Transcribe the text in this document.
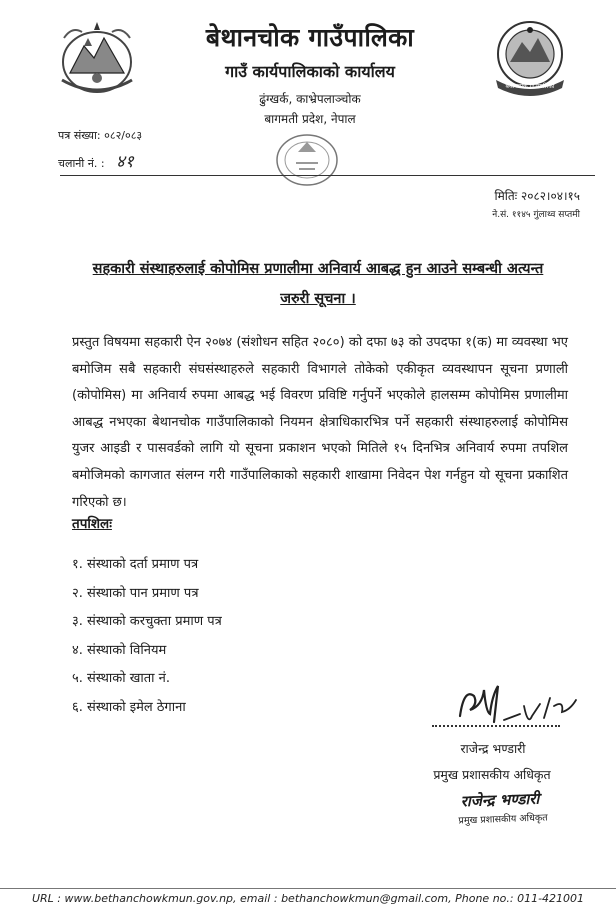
बेथानचोक गाउँपालिका
बेथानचोक गाउँपालिका
गाउँ कार्यपालिकाको कार्यालय
ढुंग्खर्क, काभ्रेपलाञ्चोक
बागमती प्रदेश, नेपाल
पत्र संख्या: ०८२/०८३
चलानी नं. : ४१
मितिः २०८२।०४।१५
ने.सं. ११४५ गुंलाथ्व सप्तमी
सहकारी संस्थाहरुलाई कोपोमिस प्रणालीमा अनिवार्य आबद्ध हुन आउने सम्बन्धी अत्यन्त
जरुरी सूचना ।
प्रस्तुत विषयमा सहकारी ऐन २०७४ (संशोधन सहित २०८०) को दफा ७३ को उपदफा १(क) मा व्यवस्था भए बमोजिम सबै सहकारी संघसंस्थाहरुले सहकारी विभागले तोकेको एकीकृत व्यवस्थापन सूचना प्रणाली (कोपोमिस) मा अनिवार्य रुपमा आबद्ध भई विवरण प्रविष्टि गर्नुपर्ने भएकोले हालसम्म कोपोमिस प्रणालीमा आबद्ध नभएका बेथानचोक गाउँपालिकाको नियमन क्षेत्राधिकारभित्र पर्ने सहकारी संस्थाहरुलाई कोपोमिस युजर आइडी र पासवर्डको लागि यो सूचना प्रकाशन भएको मितिले १५ दिनभित्र अनिवार्य रुपमा तपशिल बमोजिमको कागजात संलग्न गरी गाउँपालिकाको सहकारी शाखामा निवेदन पेश गर्नहुन यो सूचना प्रकाशित गरिएको छ।
तपशिलः
१. संस्थाको दर्ता प्रमाण पत्र
२. संस्थाको पान प्रमाण पत्र
३. संस्थाको करचुक्ता प्रमाण पत्र
४. संस्थाको विनियम
५. संस्थाको खाता नं.
६. संस्थाको इमेल ठेगाना
राजेन्द्र भण्डारी
प्रमुख प्रशासकीय अधिकृत
राजेन्द्र भण्डारी
प्रमुख प्रशासकीय अधिकृत
URL : www.bethanchowkmun.gov.np, email : bethanchowkmun@gmail.com, Phone no.: 011-421001
